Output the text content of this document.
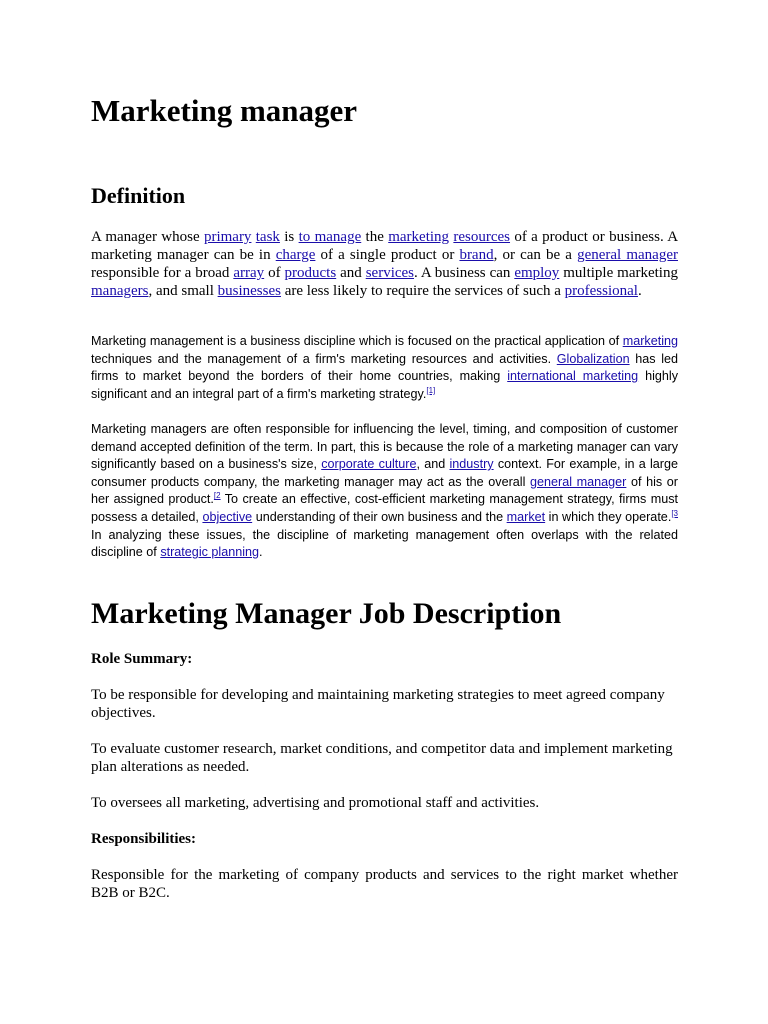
Marketing manager
Definition

A manager whose primary task is to manage the marketing resources of a product or business. A marketing manager can be in charge of a single product or brand, or can be a general manager responsible for a broad array of products and services. A business can employ multiple marketing managers, and small businesses are less likely to require the services of such a professional.

Marketing management is a business discipline which is focused on the practical application of marketing techniques and the management of a firm's marketing resources and activities. Globalization has led firms to market beyond the borders of their home countries, making international marketing highly significant and an integral part of a firm's marketing strategy.[1]

Marketing managers are often responsible for influencing the level, timing, and composition of customer demand accepted definition of the term. In part, this is because the role of a marketing manager can vary significantly based on a business's size, corporate culture, and industry context. For example, in a large consumer products company, the marketing manager may act as the overall general manager of his or her assigned product.$^{[2}$ To create an effective, cost-efficient marketing management strategy, firms must possess a detailed, objective understanding of their own business and the market in which they operate.$^{[3}$ In analyzing these issues, the discipline of marketing management often overlaps with the related discipline of strategic planning.

Marketing Manager Job Description

Role Summary:

To be responsible for developing and maintaining marketing strategies to meet agreed company objectives.

To evaluate customer research, market conditions, and competitor data and implement marketing plan alterations as needed.

To oversees all marketing, advertising and promotional staff and activities.

Responsibilities:

Responsible for the marketing of company products and services to the right market whether B2B or B2C.
